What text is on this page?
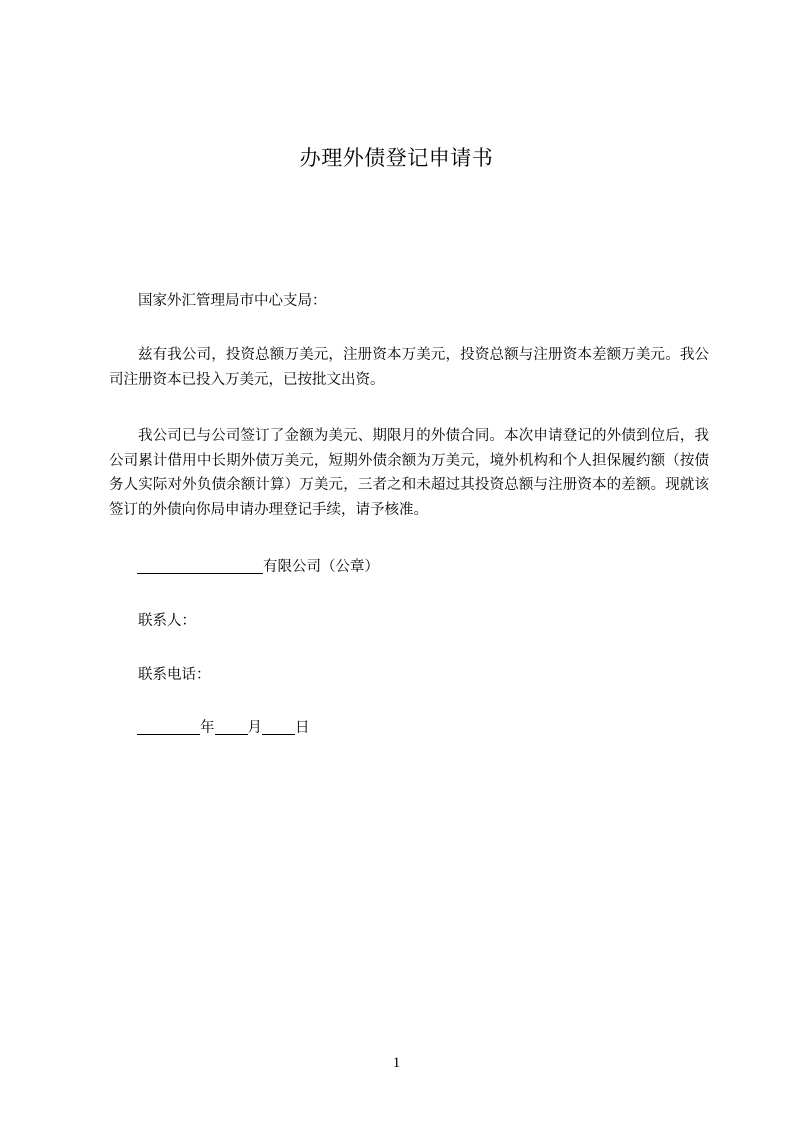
办理外债登记申请书
国家外汇管理局市中心支局：
兹有我公司，投资总额万美元，注册资本万美元，投资总额与注册资本差额万美元。我公司注册资本已投入万美元，已按批文出资。
我公司已与公司签订了金额为美元、期限月的外债合同。本次申请登记的外债到位后，我公司累计借用中长期外债万美元，短期外债余额为万美元，境外机构和个人担保履约额（按债务人实际对外负债余额计算）万美元，三者之和未超过其投资总额与注册资本的差额。现就该签订的外债向你局申请办理登记手续，请予核准。
有限公司（公章）
联系人：
联系电话：
年 月 日
1
